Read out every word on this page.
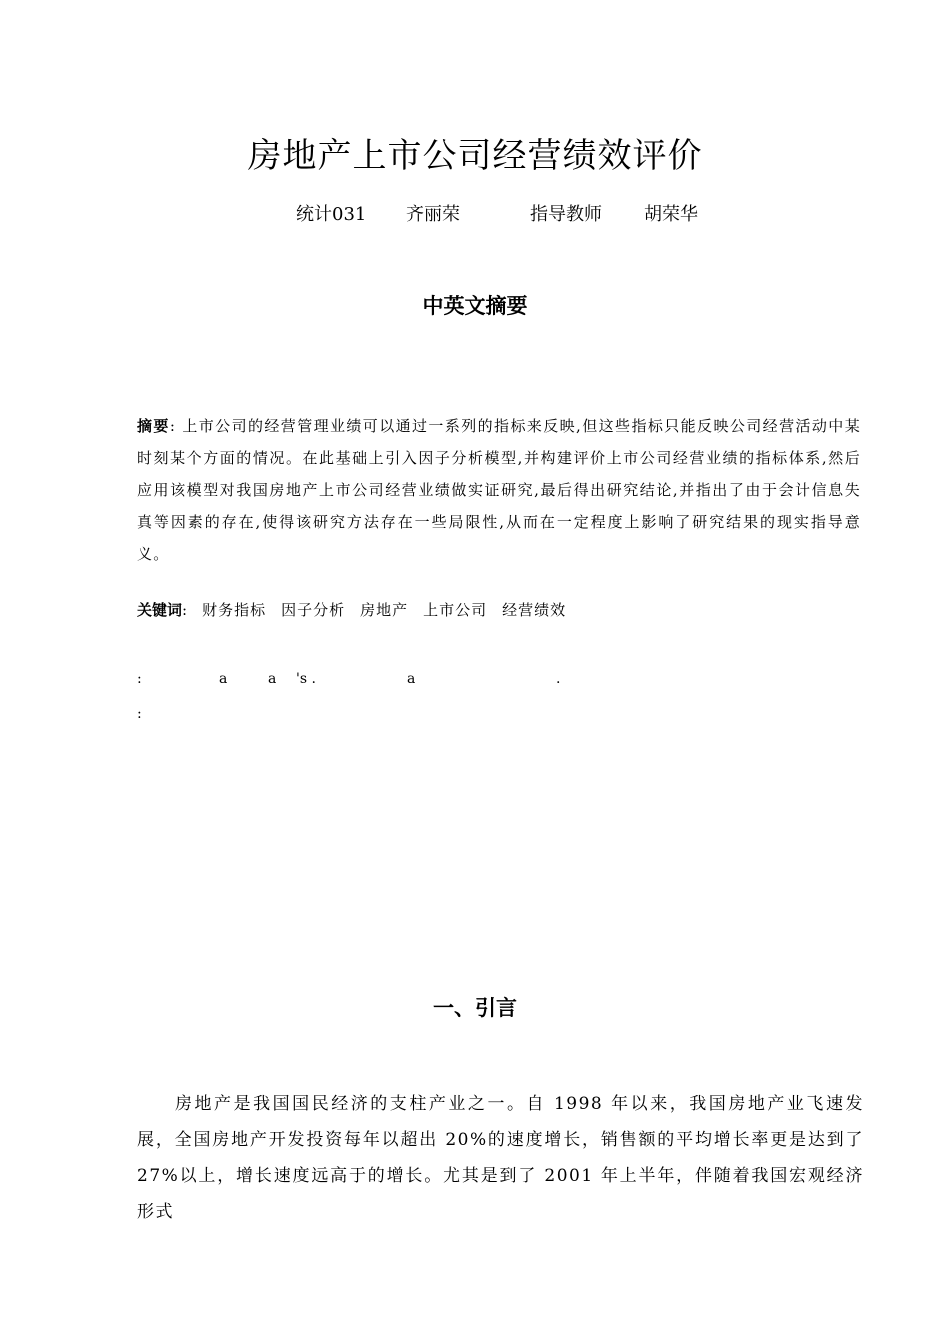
房地产上市公司经营绩效评价
统计031 齐丽荣	指导教师 胡荣华
中英文摘要
摘要: 上市公司的经营管理业绩可以通过一系列的指标来反映,但这些指标只能反映公司经营活动中某时刻某个方面的情况。在此基础上引入因子分析模型,并构建评价上市公司经营业绩的指标体系,然后应用该模型对我国房地产上市公司经营业绩做实证研究,最后得出研究结论,并指出了由于会计信息失真等因素的存在,使得该研究方法存在一些局限性,从而在一定程度上影响了研究结果的现实指导意义。
关键词: 财务指标 因子分析 房地产 上市公司 经营绩效
:	a	a 's .	a	.
:
一、引言
房地产是我国国民经济的支柱产业之一。自 1998 年以来，我国房地产业飞速发展，全国房地产开发投资每年以超出 20%的速度增长，销售额的平均增长率更是达到了 27%以上，增长速度远高于的增长。尤其是到了 2001 年上半年，伴随着我国宏观经济形式
